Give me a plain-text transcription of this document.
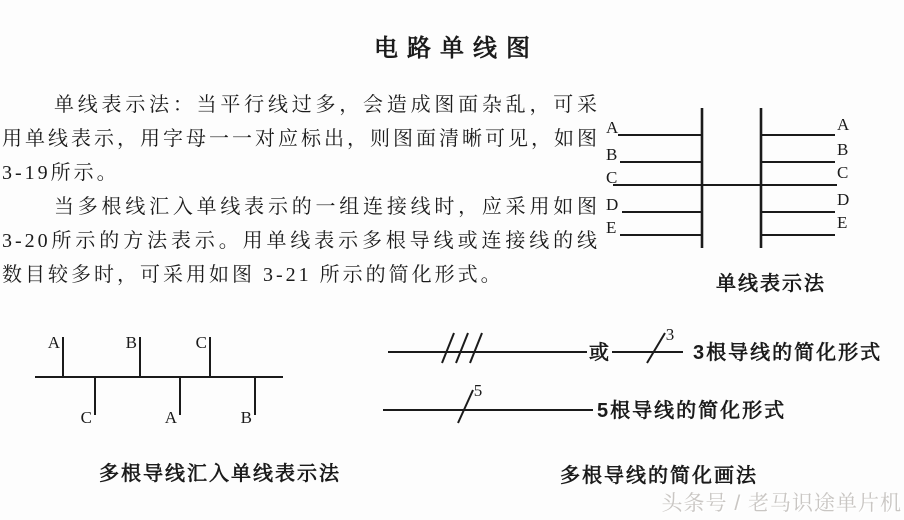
电路单线图

单线表示法：当平行线过多，会造成图面杂乱，可采用单线表示，用字母一一对应标出，则图面清晰可见，如图3-19所示。

当多根线汇入单线表示的一组连接线时，应采用如图3-20所示的方法表示。用单线表示多根导线或连接线的线数目较多时，可采用如图 3-21 所示的简化形式。

A
B
C
D
E
A
B
C
D
E
单线表示法
A	B	C
C	A	B
多根导线汇入单线表示法
或
3
3根导线的简化形式
5
5根导线的简化形式
多根导线的简化画法
头条号 / 老马识途单片机
